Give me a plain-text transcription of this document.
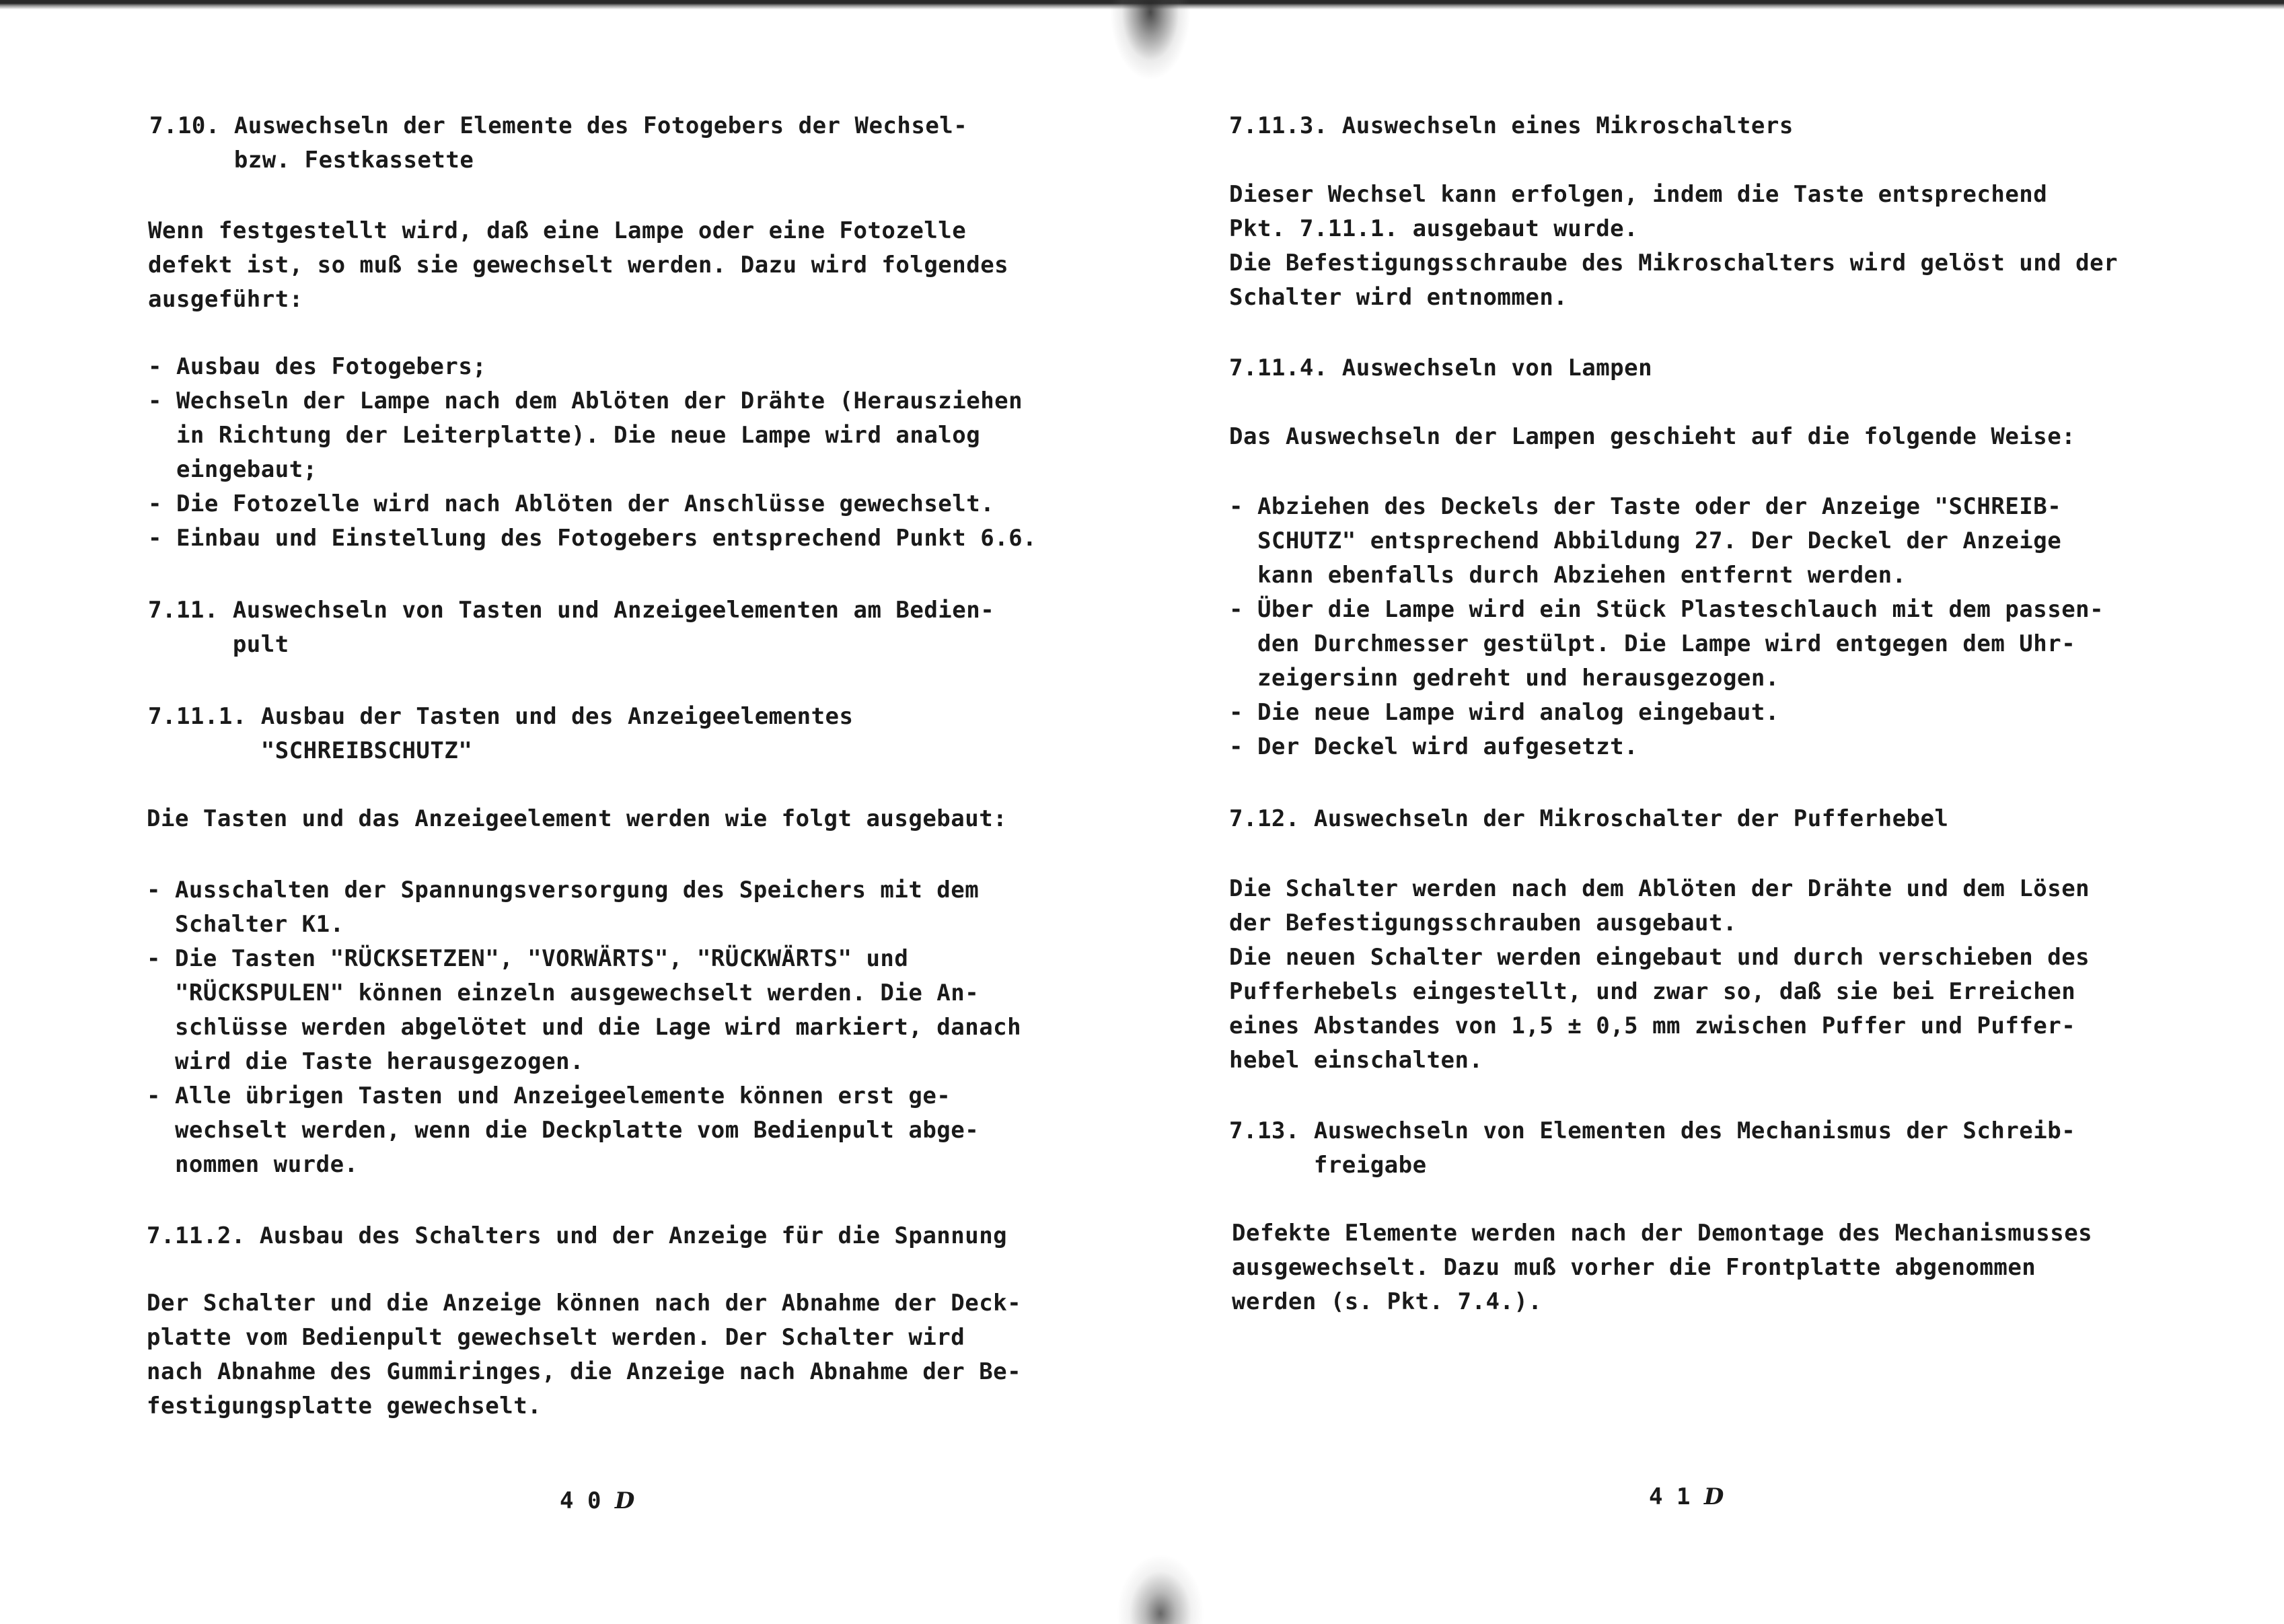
7.10. Auswechseln der Elemente des Fotogebers der Wechsel-
bzw. Festkassette
Wenn festgestellt wird, daß eine Lampe oder eine Fotozelle
defekt ist, so muß sie gewechselt werden. Dazu wird folgendes
ausgeführt:
- Ausbau des Fotogebers;
- Wechseln der Lampe nach dem Ablöten der Drähte (Herausziehen
in Richtung der Leiterplatte). Die neue Lampe wird analog
eingebaut;
- Die Fotozelle wird nach Ablöten der Anschlüsse gewechselt.
- Einbau und Einstellung des Fotogebers entsprechend Punkt 6.6.
7.11. Auswechseln von Tasten und Anzeigeelementen am Bedien-
pult
7.11.1. Ausbau der Tasten und des Anzeigeelementes
"SCHREIBSCHUTZ"
Die Tasten und das Anzeigeelement werden wie folgt ausgebaut:
- Ausschalten der Spannungsversorgung des Speichers mit dem
Schalter K1.
- Die Tasten "RÜCKSETZEN", "VORWÄRTS", "RÜCKWÄRTS" und
"RÜCKSPULEN" können einzeln ausgewechselt werden. Die An-
schlüsse werden abgelötet und die Lage wird markiert, danach
wird die Taste herausgezogen.
- Alle übrigen Tasten und Anzeigeelemente können erst ge-
wechselt werden, wenn die Deckplatte vom Bedienpult abge-
nommen wurde.
7.11.2. Ausbau des Schalters und der Anzeige für die Spannung
Der Schalter und die Anzeige können nach der Abnahme der Deck-
platte vom Bedienpult gewechselt werden. Der Schalter wird
nach Abnahme des Gummiringes, die Anzeige nach Abnahme der Be-
festigungsplatte gewechselt.
4 0 D
7.11.3. Auswechseln eines Mikroschalters
Dieser Wechsel kann erfolgen, indem die Taste entsprechend
Pkt. 7.11.1. ausgebaut wurde.
Die Befestigungsschraube des Mikroschalters wird gelöst und der
Schalter wird entnommen.
7.11.4. Auswechseln von Lampen
Das Auswechseln der Lampen geschieht auf die folgende Weise:
- Abziehen des Deckels der Taste oder der Anzeige "SCHREIB-
SCHUTZ" entsprechend Abbildung 27. Der Deckel der Anzeige
kann ebenfalls durch Abziehen entfernt werden.
- Über die Lampe wird ein Stück Plasteschlauch mit dem passen-
den Durchmesser gestülpt. Die Lampe wird entgegen dem Uhr-
zeigersinn gedreht und herausgezogen.
- Die neue Lampe wird analog eingebaut.
- Der Deckel wird aufgesetzt.
7.12. Auswechseln der Mikroschalter der Pufferhebel
Die Schalter werden nach dem Ablöten der Drähte und dem Lösen
der Befestigungsschrauben ausgebaut.
Die neuen Schalter werden eingebaut und durch verschieben des
Pufferhebels eingestellt, und zwar so, daß sie bei Erreichen
eines Abstandes von 1,5 ± 0,5 mm zwischen Puffer und Puffer-
hebel einschalten.
7.13. Auswechseln von Elementen des Mechanismus der Schreib-
freigabe
Defekte Elemente werden nach der Demontage des Mechanismusses
ausgewechselt. Dazu muß vorher die Frontplatte abgenommen
werden (s. Pkt. 7.4.).
4 1 D
